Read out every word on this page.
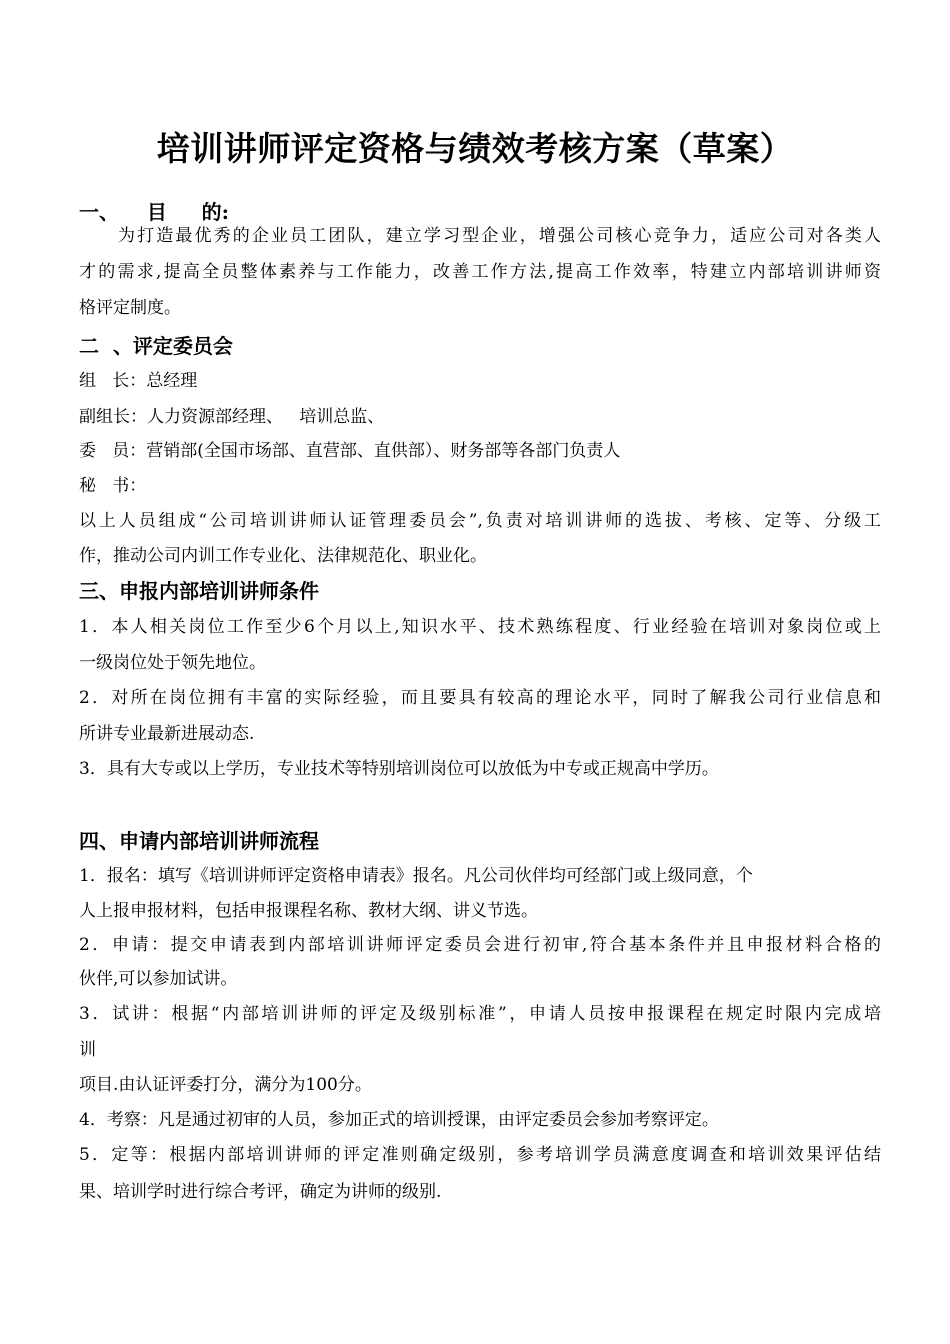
培训讲师评定资格与绩效考核方案（草案）
一、    目     的:
为打造最优秀的企业员工团队，建立学习型企业，增强公司核心竞争力，适应公司对各类人
才的需求,提高全员整体素养与工作能力，改善工作方法,提高工作效率，特建立内部培训讲师资
格评定制度。
二  、评定委员会
组   长：总经理
副组长：人力资源部经理、   培训总监、
委   员：营销部(全国市场部、直营部、直供部）、财务部等各部门负责人
秘   书：
以上人员组成“公司培训讲师认证管理委员会”,负责对培训讲师的选拔、考核、定等、分级工
作，推动公司内训工作专业化、法律规范化、职业化。
三、申报内部培训讲师条件
1．本人相关岗位工作至少6个月以上,知识水平、技术熟练程度、行业经验在培训对象岗位或上
一级岗位处于领先地位。
2．对所在岗位拥有丰富的实际经验，而且要具有较高的理论水平，同时了解我公司行业信息和
所讲专业最新进展动态.
3．具有大专或以上学历，专业技术等特别培训岗位可以放低为中专或正规高中学历。
四、申请内部培训讲师流程
1．报名：填写《培训讲师评定资格申请表》报名。凡公司伙伴均可经部门或上级同意，个
人上报申报材料，包括申报课程名称、教材大纲、讲义节选。
2．申请：提交申请表到内部培训讲师评定委员会进行初审,符合基本条件并且申报材料合格的
伙伴,可以参加试讲。
3．试讲：根据“内部培训讲师的评定及级别标准”，申请人员按申报课程在规定时限内完成培
训
项目.由认证评委打分，满分为100分。
4．考察：凡是通过初审的人员，参加正式的培训授课，由评定委员会参加考察评定。
5．定等：根据内部培训讲师的评定准则确定级别，参考培训学员满意度调查和培训效果评估结
果、培训学时进行综合考评，确定为讲师的级别.
